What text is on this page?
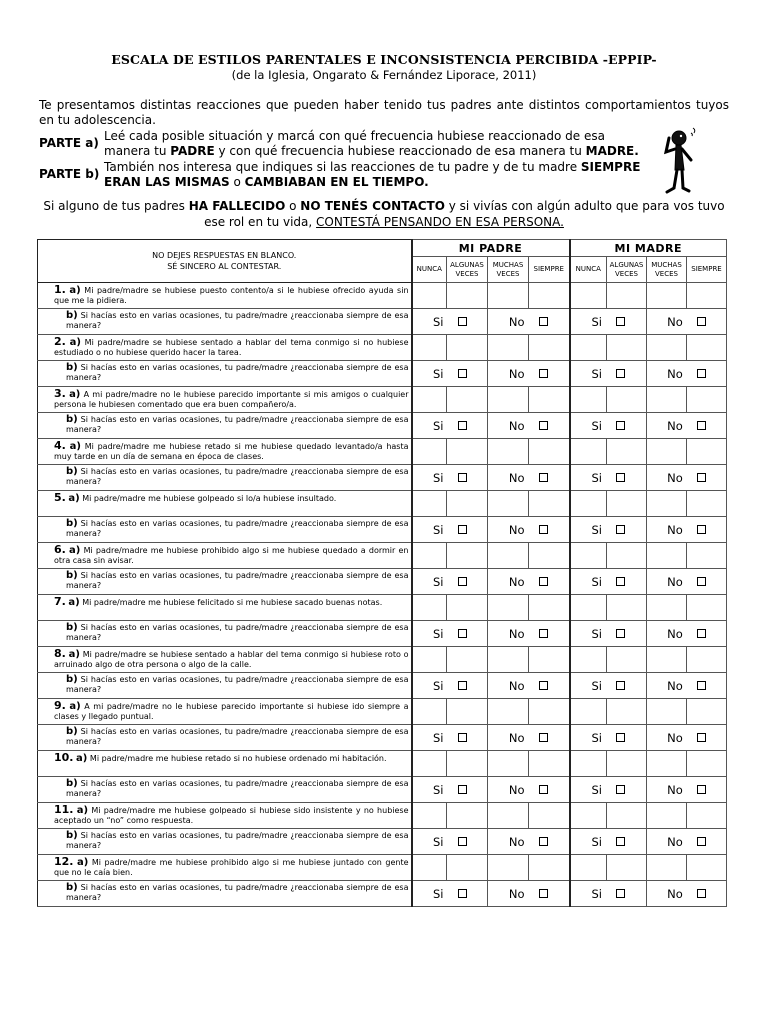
ESCALA DE ESTILOS PARENTALES E INCONSISTENCIA PERCIBIDA -EPPIP-
(de la Iglesia, Ongarato & Fernández Liporace, 2011)
Te presentamos distintas reacciones que pueden haber tenido tus padres ante distintos comportamientos tuyos en tu adolescencia.
PARTE a) Leé cada posible situación y marcá con qué frecuencia hubiese reaccionado de esa manera tu PADRE y con qué frecuencia hubiese reaccionado de esa manera tu MADRE.
PARTE b) También nos interesa que indiques si las reacciones de tu padre y de tu madre SIEMPRE ERAN LAS MISMAS o CAMBIABAN EN EL TIEMPO.
Si alguno de tus padres HA FALLECIDO o NO TENÉS CONTACTO y si vivías con algún adulto que para vos tuvo ese rol en tu vida, CONTESTÁ PENSANDO EN ESA PERSONA.
NO DEJES RESPUESTAS EN BLANCO.
SÉ SINCERO AL CONTESTAR.	MI PADRE				MI MADRE			
	NUNCA	ALGUNAS VECES	MUCHAS VECES	SIEMPRE	NUNCA	ALGUNAS VECES	MUCHAS VECES	SIEMPRE
1. a) Mi padre/madre se hubiese puesto contento/a si le hubiese ofrecido ayuda sin que me la pidiera.								
b) Si hacías esto en varias ocasiones, tu padre/madre ¿reaccionaba siempre de esa manera?	Si		No		Si		No	
2. a) Mi padre/madre se hubiese sentado a hablar del tema conmigo si no hubiese estudiado o no hubiese querido hacer la tarea.								
b) Si hacías esto en varias ocasiones, tu padre/madre ¿reaccionaba siempre de esa manera?	Si		No		Si		No	
3. a) A mi padre/madre no le hubiese parecido importante si mis amigos o cualquier persona le hubiesen comentado que era buen compañero/a.								
b) Si hacías esto en varias ocasiones, tu padre/madre ¿reaccionaba siempre de esa manera?	Si		No		Si		No	
4. a) Mi padre/madre me hubiese retado si me hubiese quedado levantado/a hasta muy tarde en un día de semana en época de clases.								
b) Si hacías esto en varias ocasiones, tu padre/madre ¿reaccionaba siempre de esa manera?	Si		No		Si		No	
5. a) Mi padre/madre me hubiese golpeado si lo/a hubiese insultado.								
b) Si hacías esto en varias ocasiones, tu padre/madre ¿reaccionaba siempre de esa manera?	Si		No		Si		No	
6. a) Mi padre/madre me hubiese prohibido algo si me hubiese quedado a dormir en otra casa sin avisar.								
b) Si hacías esto en varias ocasiones, tu padre/madre ¿reaccionaba siempre de esa manera?	Si		No		Si		No	
7. a) Mi padre/madre me hubiese felicitado si me hubiese sacado buenas notas.								
b) Si hacías esto en varias ocasiones, tu padre/madre ¿reaccionaba siempre de esa manera?	Si		No		Si		No	
8. a) Mi padre/madre se hubiese sentado a hablar del tema conmigo si hubiese roto o arruinado algo de otra persona o algo de la calle.								
b) Si hacías esto en varias ocasiones, tu padre/madre ¿reaccionaba siempre de esa manera?	Si		No		Si		No	
9. a) A mi padre/madre no le hubiese parecido importante si hubiese ido siempre a clases y llegado puntual.								
b) Si hacías esto en varias ocasiones, tu padre/madre ¿reaccionaba siempre de esa manera?	Si		No		Si		No	
10. a) Mi padre/madre me hubiese retado si no hubiese ordenado mi habitación.								
b) Si hacías esto en varias ocasiones, tu padre/madre ¿reaccionaba siempre de esa manera?	Si		No		Si		No	
11. a) Mi padre/madre me hubiese golpeado si hubiese sido insistente y no hubiese aceptado un “no” como respuesta.								
b) Si hacías esto en varias ocasiones, tu padre/madre ¿reaccionaba siempre de esa manera?	Si		No		Si		No	
12. a) Mi padre/madre me hubiese prohibido algo si me hubiese juntado con gente que no le caía bien.								
b) Si hacías esto en varias ocasiones, tu padre/madre ¿reaccionaba siempre de esa manera?	Si		No		Si		No	
